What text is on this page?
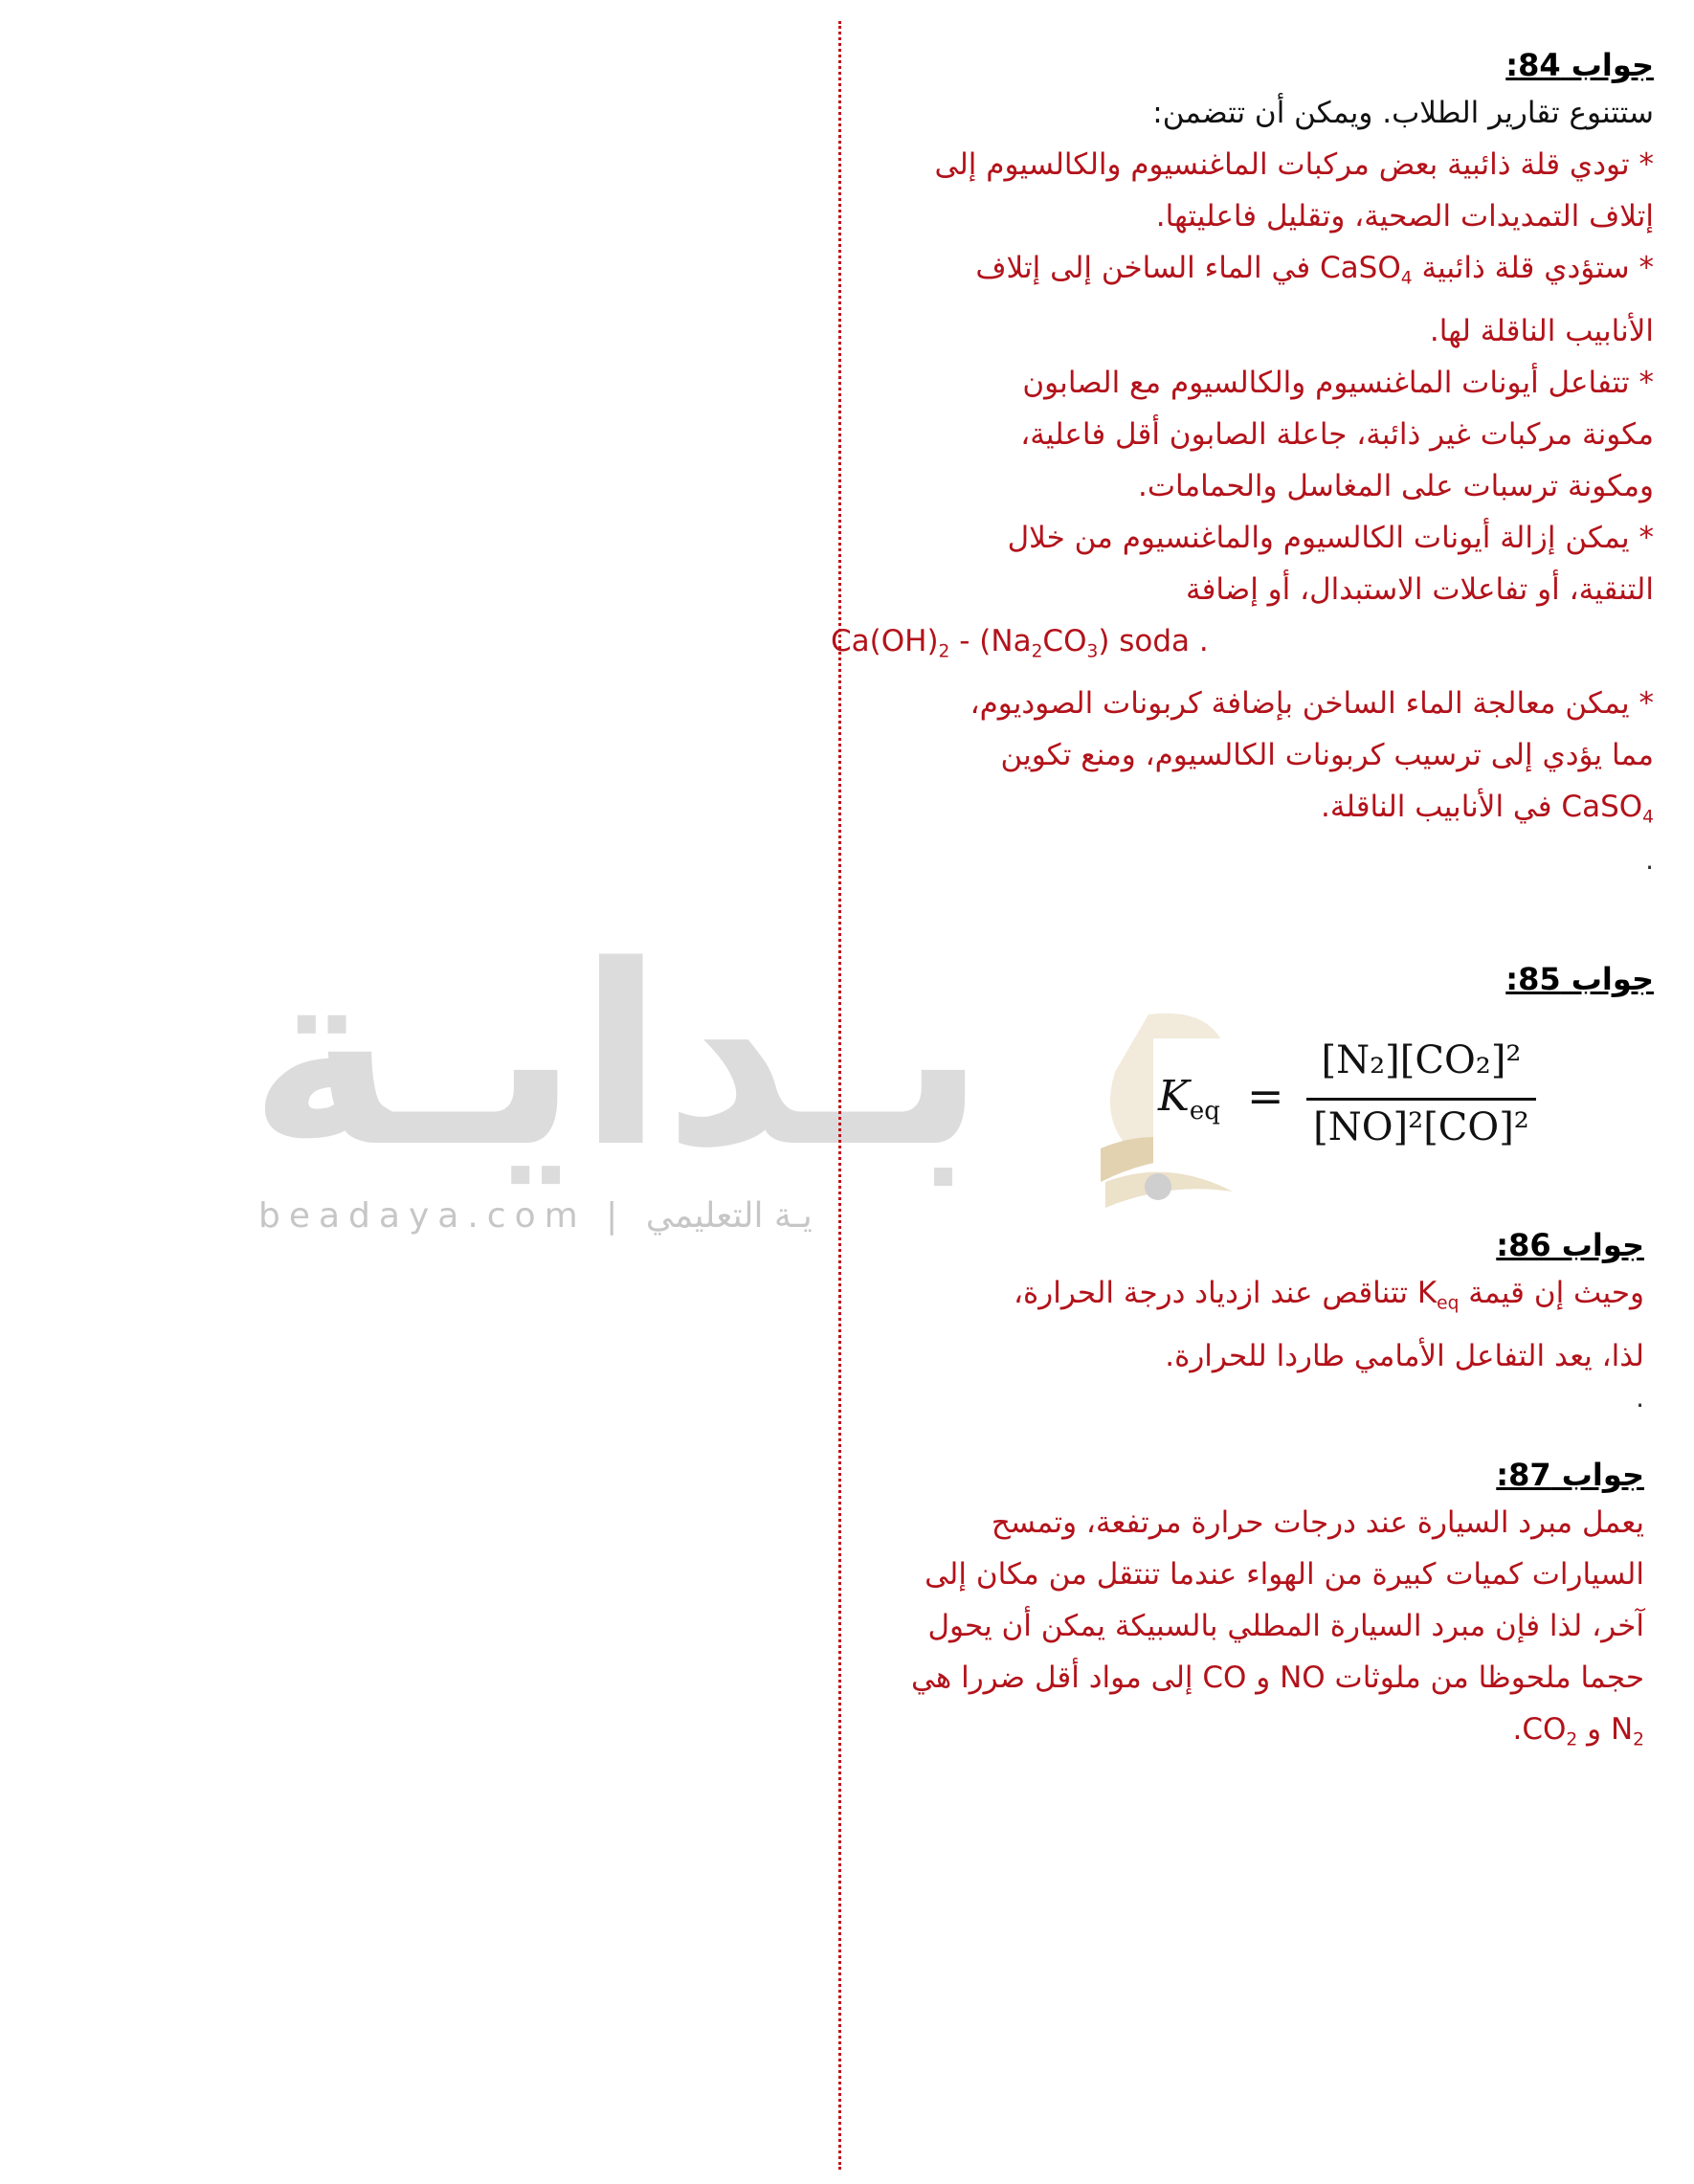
بـدايـة
beadaya.com | يـة التعليمي

جواب 84:

ستتنوع تقارير الطلاب. ويمكن أن تتضمن:

* تودي قلة ذائبية بعض مركبات الماغنسيوم والكالسيوم إلى

إتلاف التمديدات الصحية، وتقليل فاعليتها.

* ستؤدي قلة ذائبية CaSO$_4$ في الماء الساخن إلى إتلاف

الأنابيب الناقلة لها.

* تتفاعل أيونات الماغنسيوم والكالسيوم مع الصابون

مكونة مركبات غير ذائبة، جاعلة الصابون أقل فاعلية،

ومكونة ترسبات على المغاسل والحمامات.

* يمكن إزالة أيونات الكالسيوم والماغنسيوم من خلال

التنقية، أو تفاعلات الاستبدال، أو إضافة

$Ca(OH)_2 - (Na_2CO_3)$ soda .

* يمكن معالجة الماء الساخن بإضافة كربونات الصوديوم،

مما يؤدي إلى ترسيب كربونات الكالسيوم، ومنع تكوين

CaSO$_4$ في الأنابيب الناقلة.

.

جواب 85:

$K_{eq}$ =
[N₂][CO₂]²
[NO]²[CO]²

جواب 86:

وحيث إن قيمة $K_{eq}$ تتناقص عند ازدياد درجة الحرارة،

لذا، يعد التفاعل الأمامي طاردا للحرارة.

.

جواب 87:

يعمل مبرد السيارة عند درجات حرارة مرتفعة، وتمسح

السيارات كميات كبيرة من الهواء عندما تنتقل من مكان إلى

آخر، لذا فإن مبرد السيارة المطلي بالسبيكة يمكن أن يحول

حجما ملحوظا من ملوثات NO و CO إلى مواد أقل ضررا هي

$N_2$ و $CO_2$.
